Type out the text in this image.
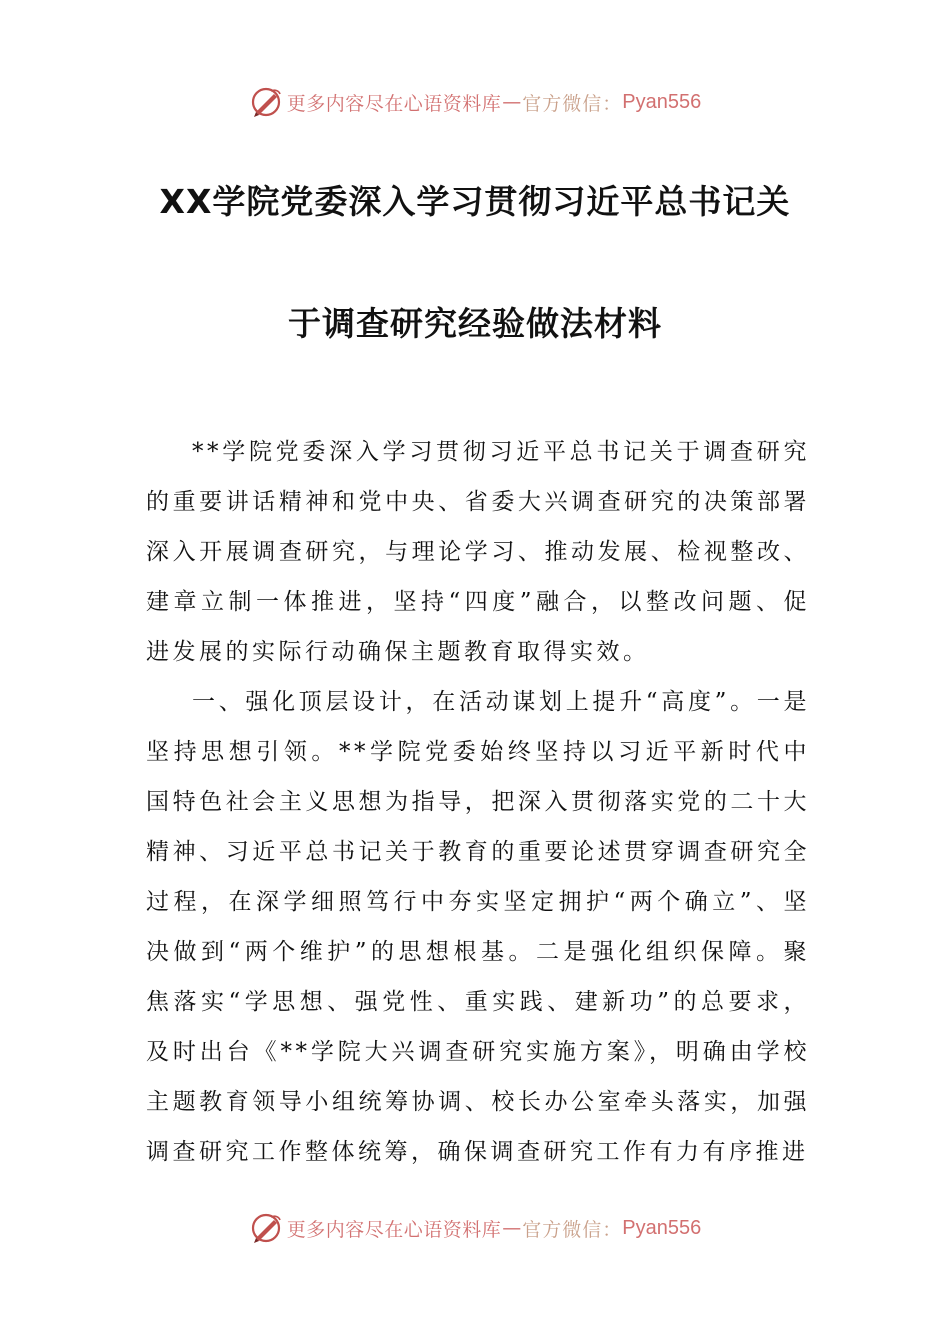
更多内容尽在心语资料库 — 官方微信： Pyan556
XX学院党委深入学习贯彻习近平总书记关
于调查研究经验做法材料

**学院党委深入学习贯彻习近平总书记关于调查研究的重要讲话精神和党中央、省委大兴调查研究的决策部署深入开展调查研究，与理论学习、推动发展、检视整改、建章立制一体推进，坚持“四度”融合，以整改问题、促进发展的实际行动确保主题教育取得实效。

一、强化顶层设计，在活动谋划上提升“高度”。一是坚持思想引领。**学院党委始终坚持以习近平新时代中国特色社会主义思想为指导，把深入贯彻落实党的二十大精神、习近平总书记关于教育的重要论述贯穿调查研究全过程，在深学细照笃行中夯实坚定拥护“两个确立”、坚决做到“两个维护”的思想根基。二是强化组织保障。聚焦落实“学思想、强党性、重实践、建新功”的总要求，及时出台《**学院大兴调查研究实施方案》，明确由学校主题教育领导小组统筹协调、校长办公室牵头落实，加强调查研究工作整体统筹，确保调查研究工作有力有序推进

更多内容尽在心语资料库 — 官方微信： Pyan556
